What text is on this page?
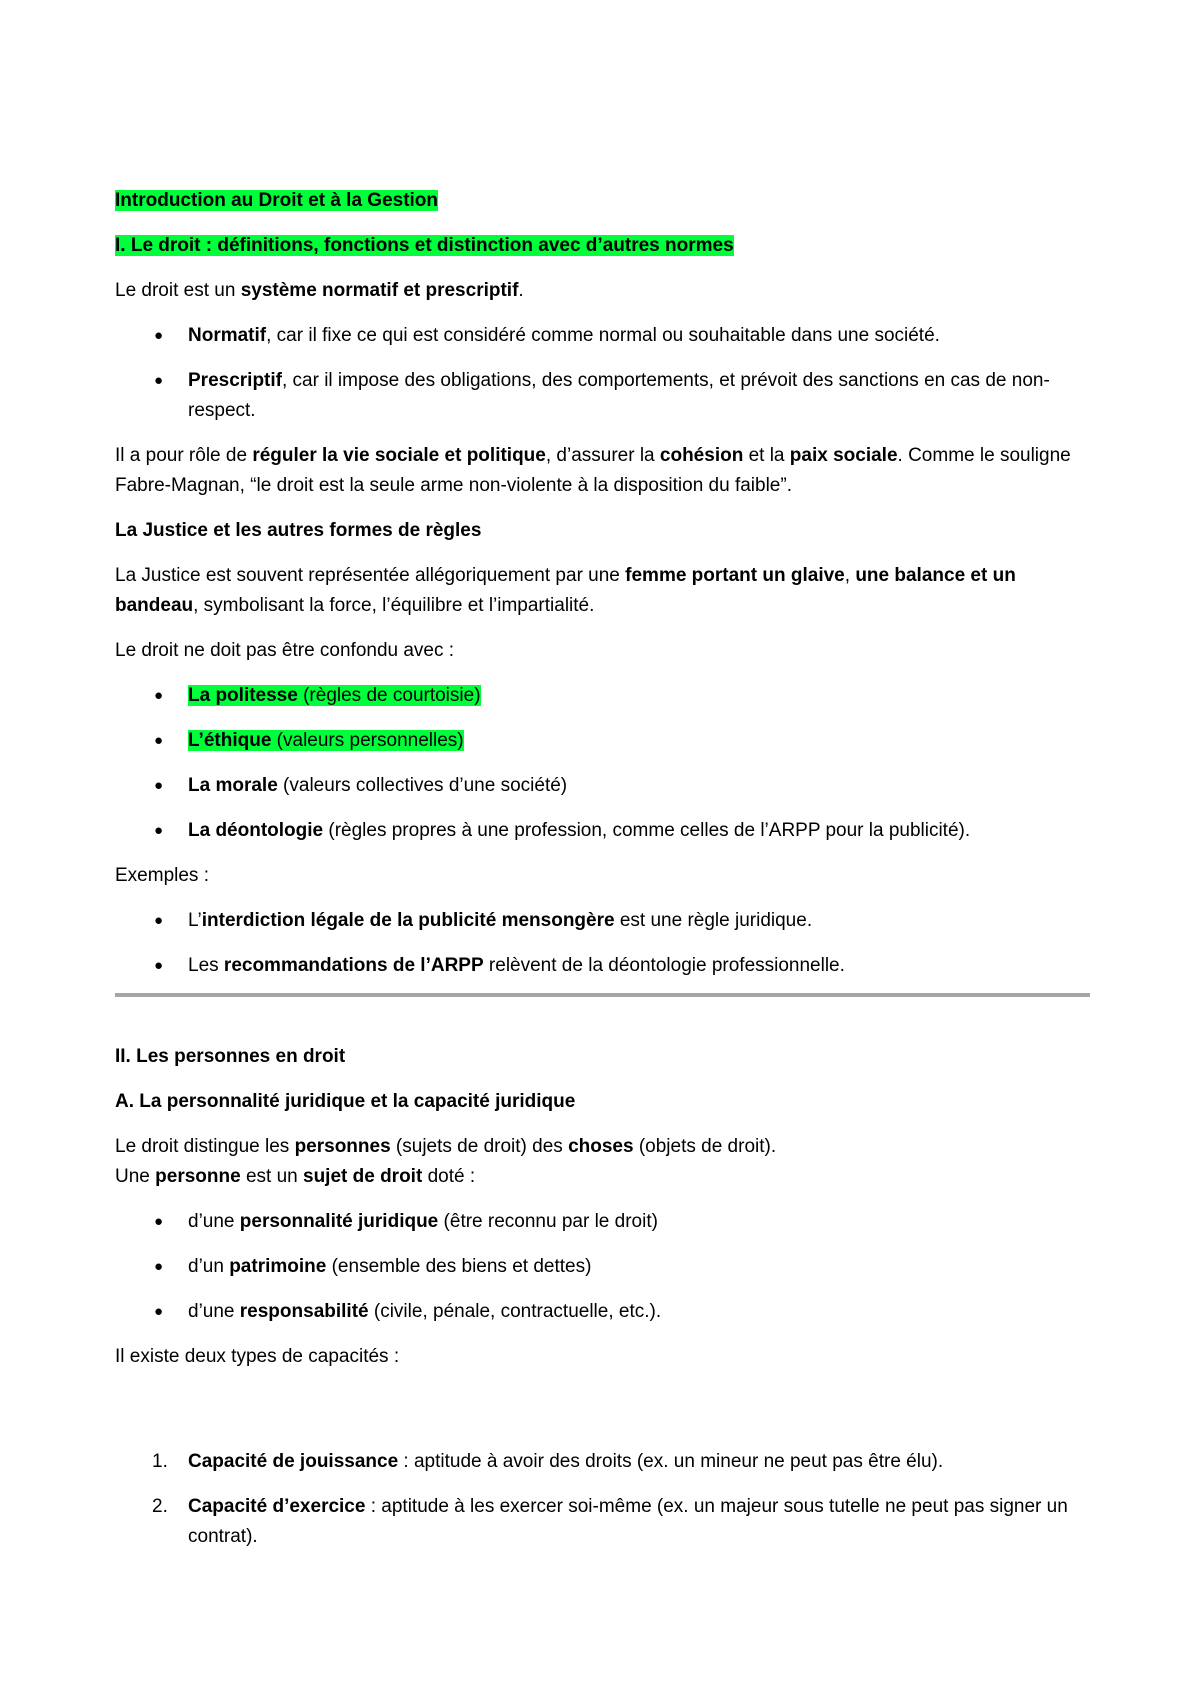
Introduction au Droit et à la Gestion

I. Le droit : définitions, fonctions et distinction avec d’autres normes

Le droit est un système normatif et prescriptif.

● Normatif, car il fixe ce qui est considéré comme normal ou souhaitable dans une société.
● Prescriptif, car il impose des obligations, des comportements, et prévoit des sanctions en cas de non-respect.

Il a pour rôle de réguler la vie sociale et politique, d’assurer la cohésion et la paix sociale. Comme le souligne Fabre-Magnan, “le droit est la seule arme non-violente à la disposition du faible”.

La Justice et les autres formes de règles

La Justice est souvent représentée allégoriquement par une femme portant un glaive, une balance et un bandeau, symbolisant la force, l’équilibre et l’impartialité.

Le droit ne doit pas être confondu avec :

● La politesse (règles de courtoisie)
● L’éthique (valeurs personnelles)
● La morale (valeurs collectives d’une société)
● La déontologie (règles propres à une profession, comme celles de l’ARPP pour la publicité).

Exemples :

● L’interdiction légale de la publicité mensongère est une règle juridique.
● Les recommandations de l’ARPP relèvent de la déontologie professionnelle.

II. Les personnes en droit

A. La personnalité juridique et la capacité juridique

Le droit distingue les personnes (sujets de droit) des choses (objets de droit).

Une personne est un sujet de droit doté :

● d’une personnalité juridique (être reconnu par le droit)
● d’un patrimoine (ensemble des biens et dettes)
● d’une responsabilité (civile, pénale, contractuelle, etc.).

Il existe deux types de capacités :

1. Capacité de jouissance : aptitude à avoir des droits (ex. un mineur ne peut pas être élu).
2. Capacité d’exercice : aptitude à les exercer soi-même (ex. un majeur sous tutelle ne peut pas signer un contrat).
